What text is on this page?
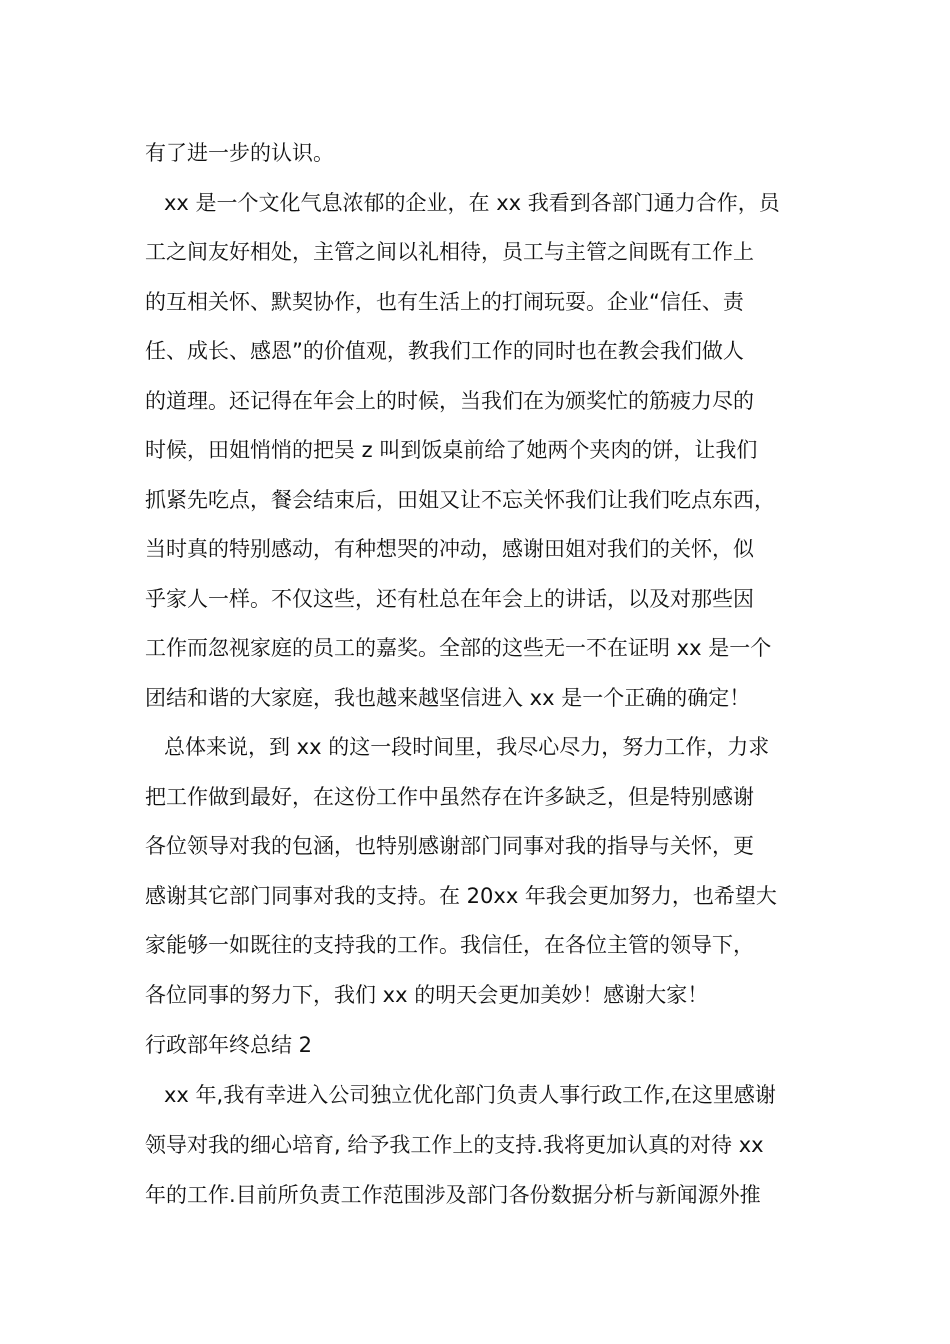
有了进一步的认识。
xx 是一个文化气息浓郁的企业，在 xx 我看到各部门通力合作，员
工之间友好相处，主管之间以礼相待，员工与主管之间既有工作上
的互相关怀、默契协作，也有生活上的打闹玩耍。企业“信任、责
任、成长、感恩”的价值观，教我们工作的同时也在教会我们做人
的道理。还记得在年会上的时候，当我们在为颁奖忙的筋疲力尽的
时候，田姐悄悄的把吴 z 叫到饭桌前给了她两个夹肉的饼，让我们
抓紧先吃点，餐会结束后，田姐又让不忘关怀我们让我们吃点东西，
当时真的特别感动，有种想哭的冲动，感谢田姐对我们的关怀，似
乎家人一样。不仅这些，还有杜总在年会上的讲话，以及对那些因
工作而忽视家庭的员工的嘉奖。全部的这些无一不在证明 xx 是一个
团结和谐的大家庭，我也越来越坚信进入 xx 是一个正确的确定！
总体来说，到 xx 的这一段时间里，我尽心尽力，努力工作，力求
把工作做到最好，在这份工作中虽然存在许多缺乏，但是特别感谢
各位领导对我的包涵，也特别感谢部门同事对我的指导与关怀，更
感谢其它部门同事对我的支持。在 20xx 年我会更加努力，也希望大
家能够一如既往的支持我的工作。我信任，在各位主管的领导下，
各位同事的努力下，我们 xx 的明天会更加美妙！感谢大家！
行政部年终总结 2
xx 年,我有幸进入公司独立优化部门负责人事行政工作,在这里感谢
领导对我的细心培育, 给予我工作上的支持.我将更加认真的对待 xx
年的工作.目前所负责工作范围涉及部门各份数据分析与新闻源外推
